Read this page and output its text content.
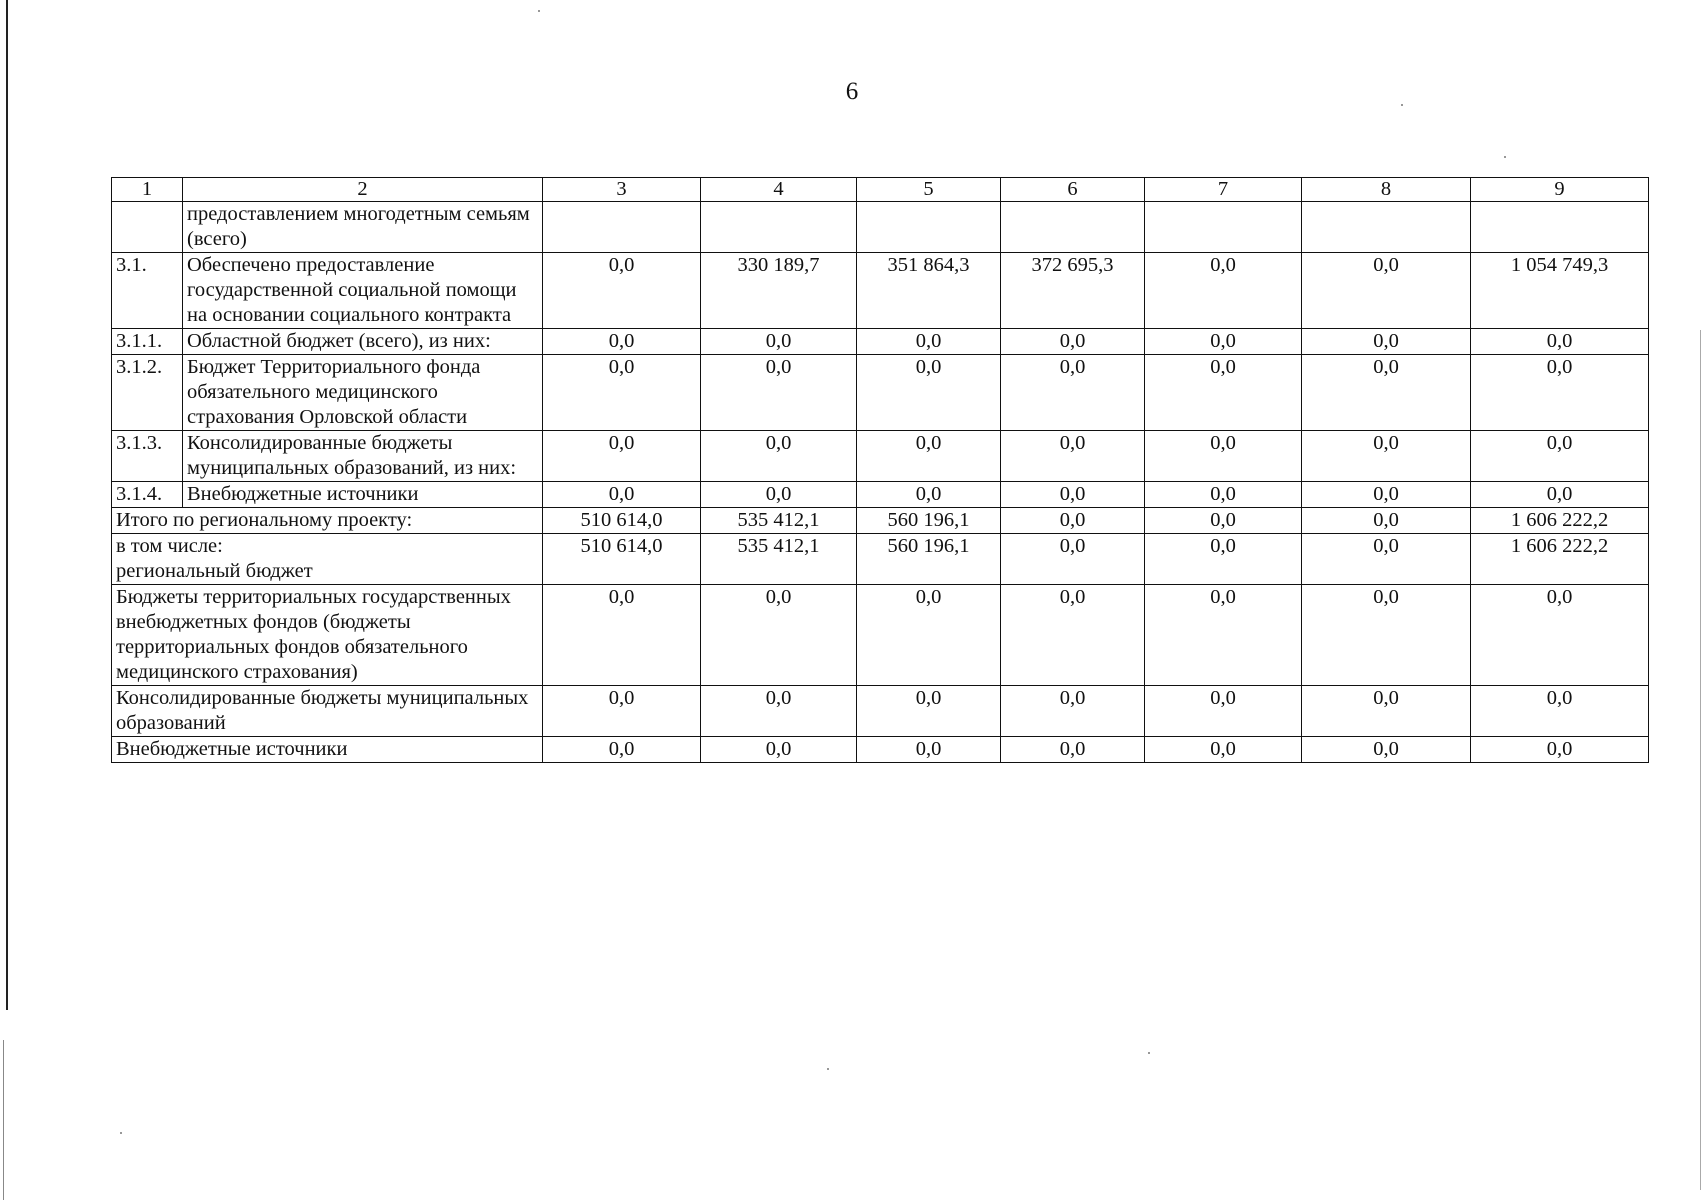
6
1	2	3	4	5	6	7	8	9
	предоставлением многодетным семьям (всего)							
3.1.	Обеспечено предоставление государственной социальной помощи на основании социального контракта	0,0	330 189,7	351 864,3	372 695,3	0,0	0,0	1 054 749,3
3.1.1.	Областной бюджет (всего), из них:	0,0	0,0	0,0	0,0	0,0	0,0	0,0
3.1.2.	Бюджет Территориального фонда обязательного медицинского страхования Орловской области	0,0	0,0	0,0	0,0	0,0	0,0	0,0
3.1.3.	Консолидированные бюджеты муниципальных образований, из них:	0,0	0,0	0,0	0,0	0,0	0,0	0,0
3.1.4.	Внебюджетные источники	0,0	0,0	0,0	0,0	0,0	0,0	0,0
Итого по региональному проекту:		510 614,0	535 412,1	560 196,1	0,0	0,0	0,0	1 606 222,2

в том числе:
региональный бюджет		510 614,0	535 412,1	560 196,1	0,0	0,0	0,0	1 606 222,2
Бюджеты территориальных государственных внебюджетных фондов (бюджеты территориальных фондов обязательного медицинского страхования)		0,0	0,0	0,0	0,0	0,0	0,0	0,0
Консолидированные бюджеты муниципальных образований		0,0	0,0	0,0	0,0	0,0	0,0	0,0
Внебюджетные источники		0,0	0,0	0,0	0,0	0,0	0,0	0,0
